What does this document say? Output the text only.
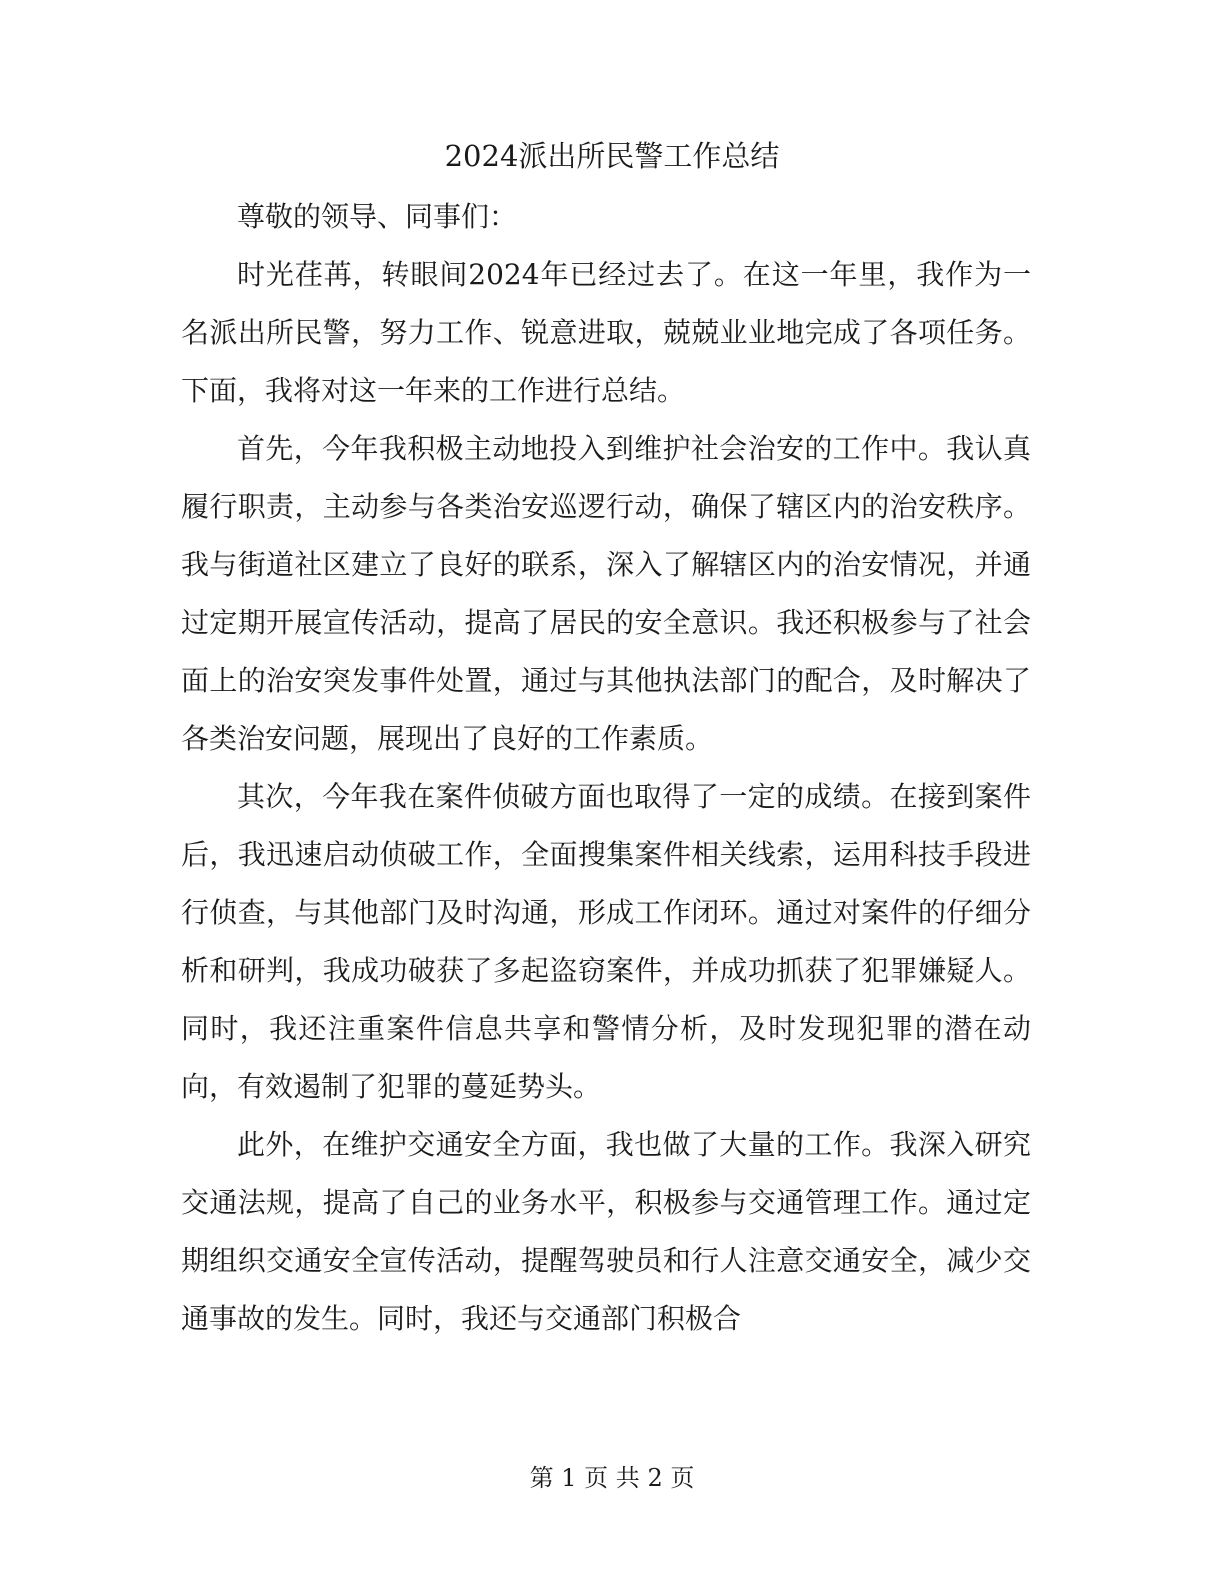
2024派出所民警工作总结

尊敬的领导、同事们：

时光荏苒，转眼间2024年已经过去了。在这一年里，我作为一名派出所民警，努力工作、锐意进取，兢兢业业地完成了各项任务。下面，我将对这一年来的工作进行总结。

首先，今年我积极主动地投入到维护社会治安的工作中。我认真履行职责，主动参与各类治安巡逻行动，确保了辖区内的治安秩序。我与街道社区建立了良好的联系，深入了解辖区内的治安情况，并通过定期开展宣传活动，提高了居民的安全意识。我还积极参与了社会面上的治安突发事件处置，通过与其他执法部门的配合，及时解决了各类治安问题，展现出了良好的工作素质。

其次，今年我在案件侦破方面也取得了一定的成绩。在接到案件后，我迅速启动侦破工作，全面搜集案件相关线索，运用科技手段进行侦查，与其他部门及时沟通，形成工作闭环。通过对案件的仔细分析和研判，我成功破获了多起盗窃案件，并成功抓获了犯罪嫌疑人。同时，我还注重案件信息共享和警情分析，及时发现犯罪的潜在动向，有效遏制了犯罪的蔓延势头。

此外，在维护交通安全方面，我也做了大量的工作。我深入研究交通法规，提高了自己的业务水平，积极参与交通管理工作。通过定期组织交通安全宣传活动，提醒驾驶员和行人注意交通安全，减少交通事故的发生。同时，我还与交通部门积极合

第 1 页 共 2 页
